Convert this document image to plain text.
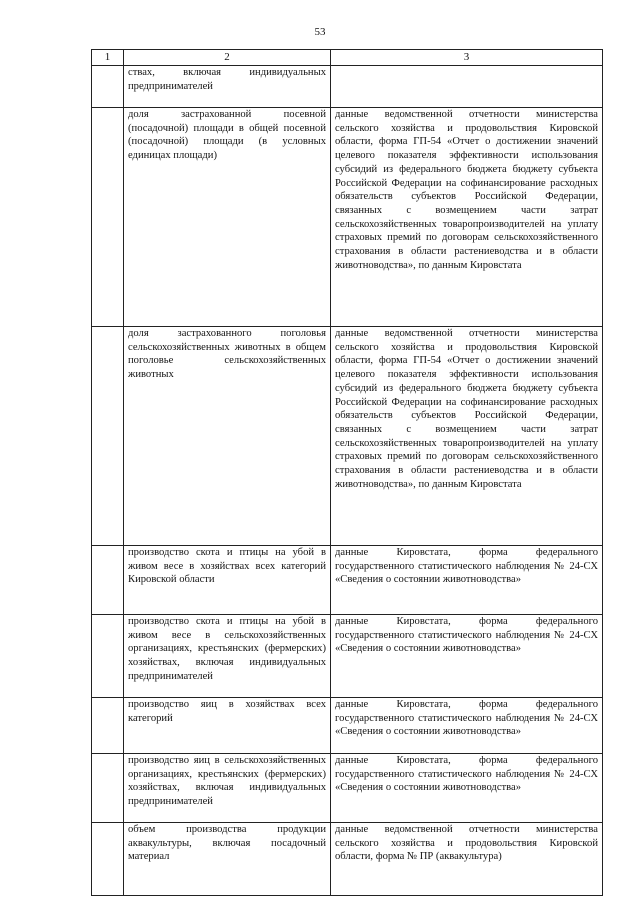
53
1	2	3
	ствах, включая индивидуальных предпринимателей	
	доля застрахованной посевной (посадочной) площади в общей посевной (посадочной) площади (в условных единицах площади)	данные ведомственной отчетности министерства сельского хозяйства и продовольствия Кировской области, форма ГП-54 «Отчет о достижении значений целевого показателя эффективности использования субсидий из федерального бюджета бюджету субъекта Российской Федерации на софинансирование расходных обязательств субъектов Российской Федерации, связанных с возмещением части затрат сельскохозяйственных товаропроизводителей на уплату страховых премий по договорам сельскохозяйственного страхования в области растениеводства и в области животноводства», по данным Кировстата
	доля застрахованного поголовья сельскохозяйственных животных в общем поголовье сельскохозяйственных животных	данные ведомственной отчетности министерства сельского хозяйства и продовольствия Кировской области, форма ГП-54 «Отчет о достижении значений целевого показателя эффективности использования субсидий из федерального бюджета бюджету субъекта Российской Федерации на софинансирование расходных обязательств субъектов Российской Федерации, связанных с возмещением части затрат сельскохозяйственных товаропроизводителей на уплату страховых премий по договорам сельскохозяйственного страхования в области растениеводства и в области животноводства», по данным Кировстата
	производство скота и птицы на убой в живом весе в хозяйствах всех категорий Кировской области	данные Кировстата, форма федерального государственного статистического наблюдения № 24-СХ «Сведения о состоянии животноводства»
	производство скота и птицы на убой в живом весе в сельскохозяйственных организациях, крестьянских (фермерских) хозяйствах, включая индивидуальных предпринимателей	данные Кировстата, форма федерального государственного статистического наблюдения № 24-СХ «Сведения о состоянии животноводства»
	производство яиц в хозяйствах всех категорий	данные Кировстата, форма федерального государственного статистического наблюдения № 24-СХ «Сведения о состоянии животноводства»
	производство яиц в сельскохозяйственных организациях, крестьянских (фермерских) хозяйствах, включая индивидуальных предпринимателей	данные Кировстата, форма федерального государственного статистического наблюдения № 24-СХ «Сведения о состоянии животноводства»
	объем производства продукции аквакультуры, включая посадочный материал	данные ведомственной отчетности министерства сельского хозяйства и продовольствия Кировской области, форма № ПР (аквакультура)
